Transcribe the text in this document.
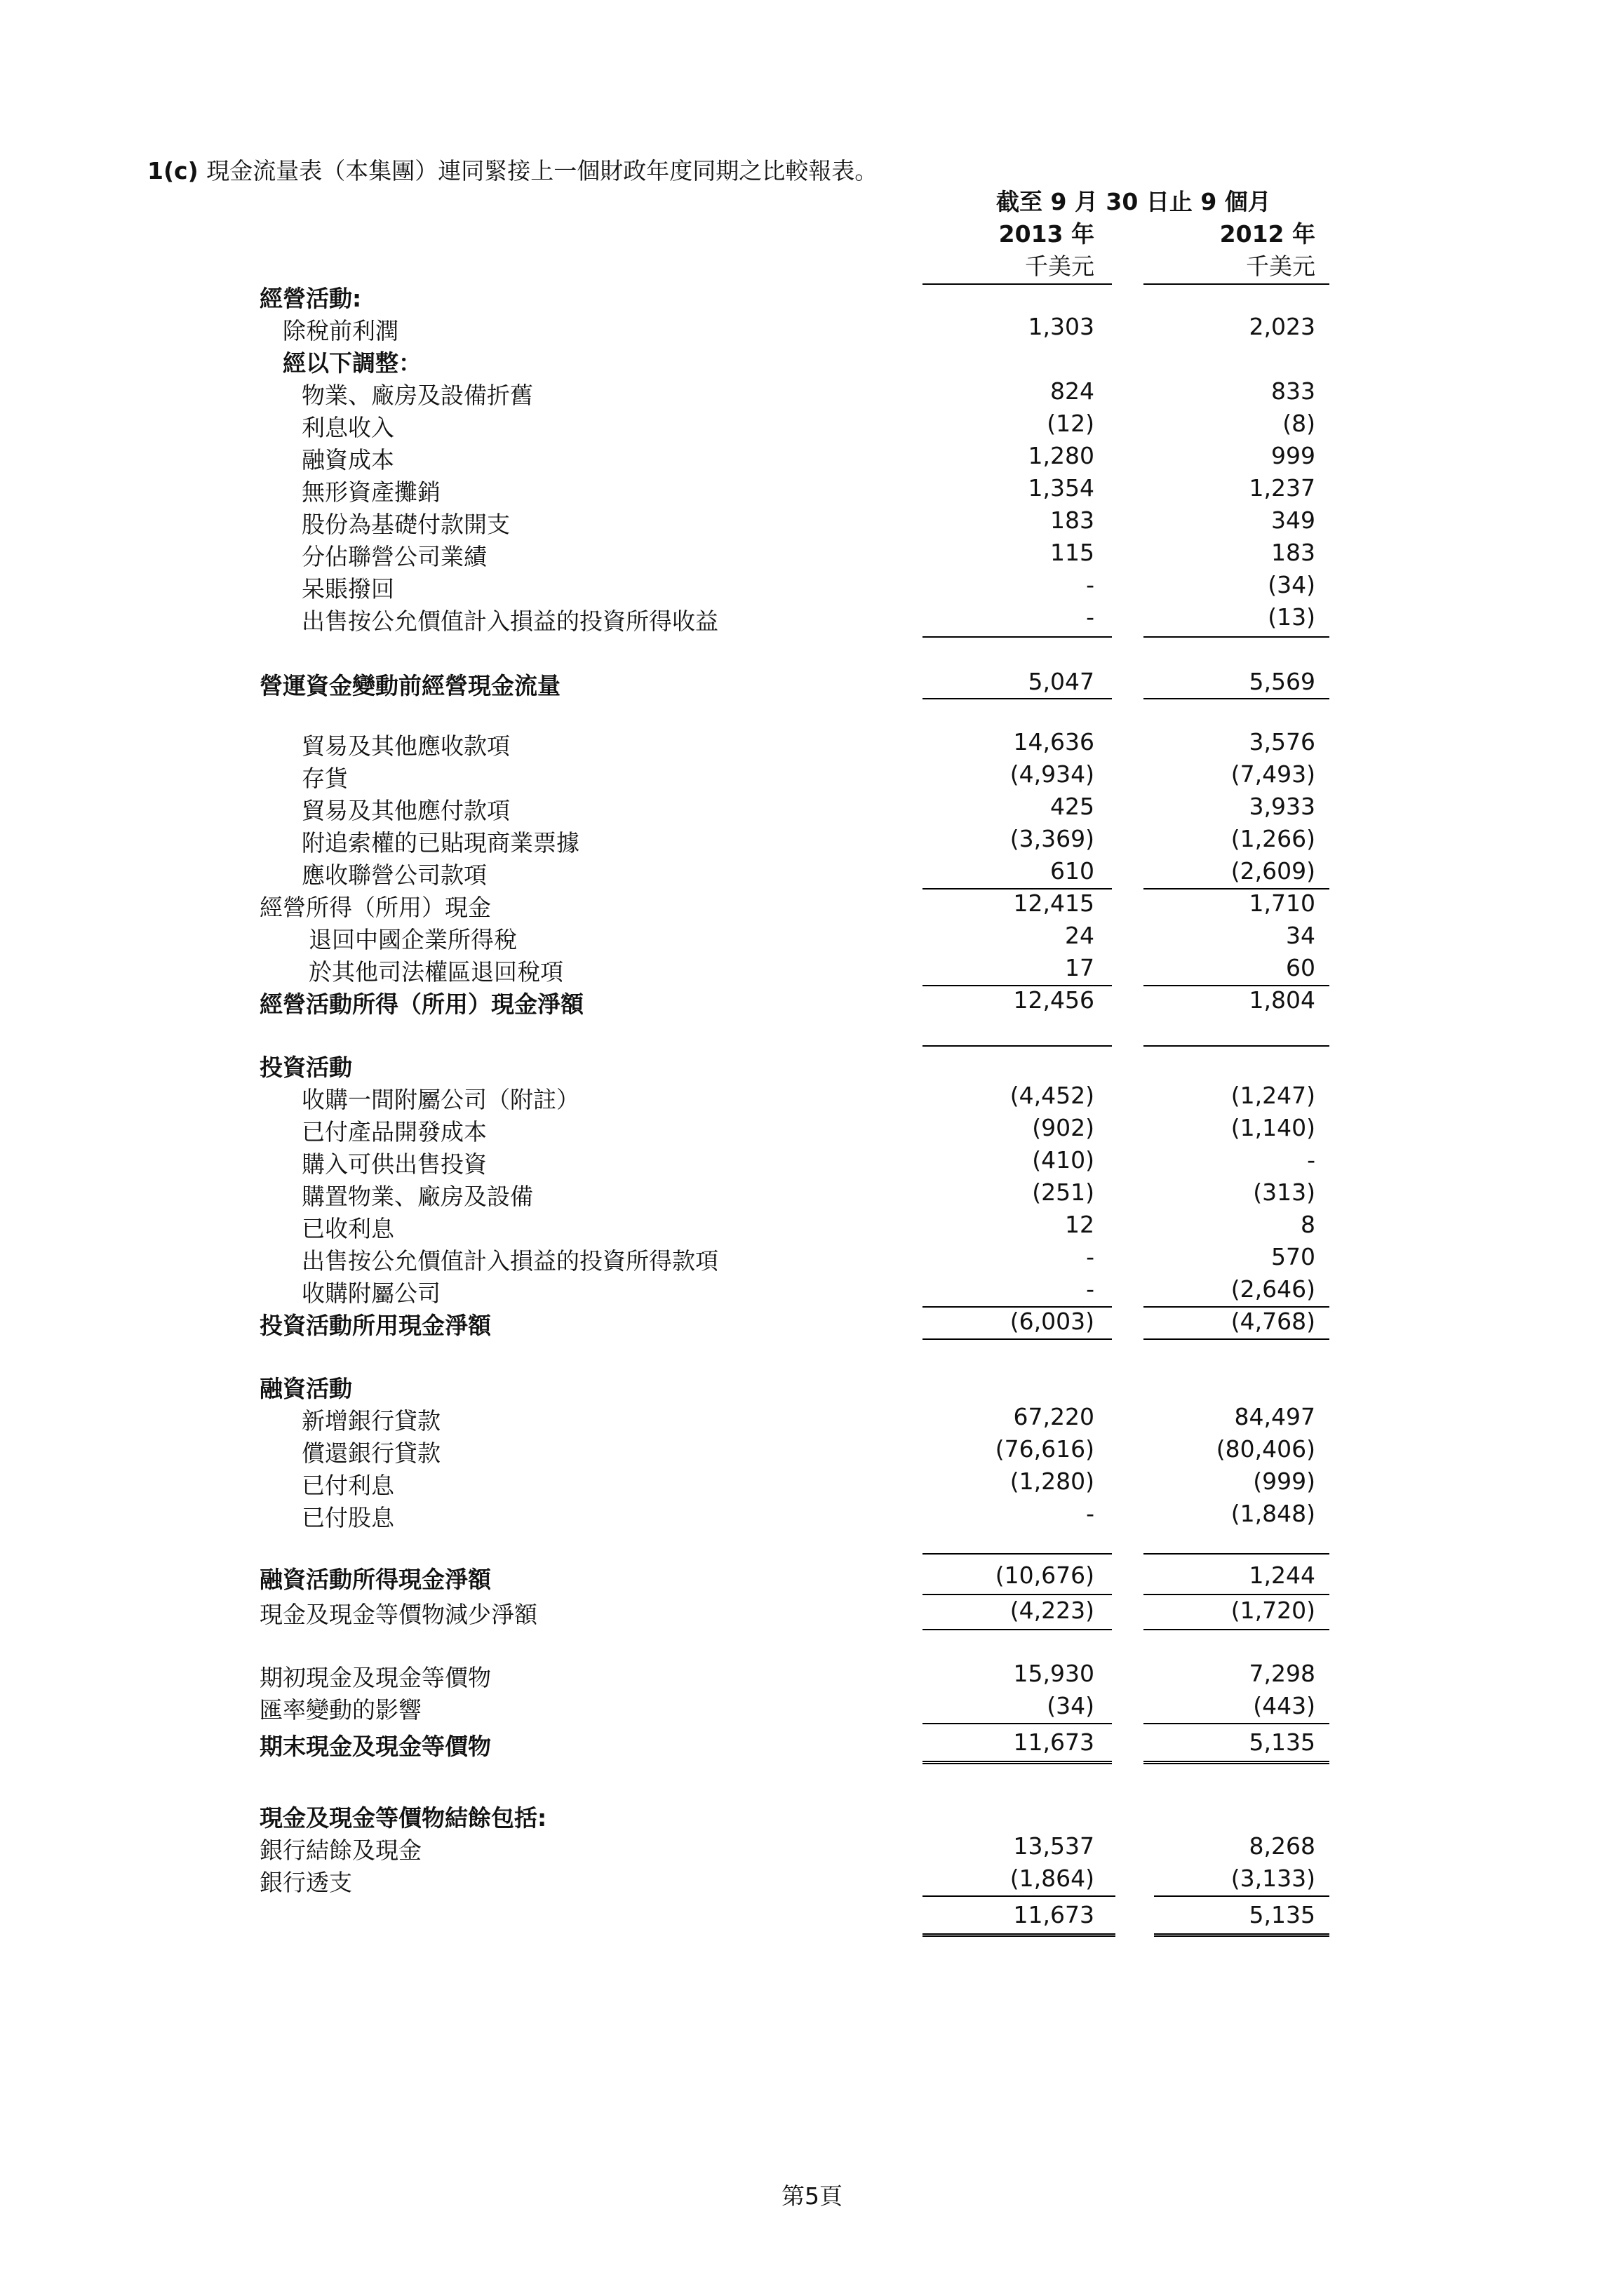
1(c) 現金流量表（本集團）連同緊接上一個財政年度同期之比較報表。
截至 9 月 30 日止 9 個月
2013 年	2012 年
千美元	千美元
經營活動:
除稅前利潤	1,303	2,023
經以下調整：
物業、廠房及設備折舊	824	833
利息收入	(12)	(8)
融資成本	1,280	999
無形資產攤銷	1,354	1,237
股份為基礎付款開支	183	349
分佔聯營公司業績	115	183
呆賬撥回	-	(34)
出售按公允價值計入損益的投資所得收益	-	(13)
營運資金變動前經營現金流量	5,047	5,569
貿易及其他應收款項	14,636	3,576
存貨	(4,934)	(7,493)
貿易及其他應付款項	425	3,933
附追索權的已貼現商業票據	(3,369)	(1,266)
應收聯營公司款項	610	(2,609)
經營所得（所用）現金	12,415	1,710
退回中國企業所得稅	24	34
於其他司法權區退回稅項	17	60
經營活動所得（所用）現金淨額	12,456	1,804
投資活動
收購一間附屬公司（附註）	(4,452)	(1,247)
已付產品開發成本	(902)	(1,140)
購入可供出售投資	(410)	-
購置物業、廠房及設備	(251)	(313)
已收利息	12	8
出售按公允價值計入損益的投資所得款項	-	570
收購附屬公司	-	(2,646)
投資活動所用現金淨額	(6,003)	(4,768)
融資活動
新增銀行貸款	67,220	84,497
償還銀行貸款	(76,616)	(80,406)
已付利息	(1,280)	(999)
已付股息	-	(1,848)
融資活動所得現金淨額	(10,676)	1,244
現金及現金等價物減少淨額	(4,223)	(1,720)
期初現金及現金等價物	15,930	7,298
匯率變動的影響	(34)	(443)
期末現金及現金等價物	11,673	5,135
現金及現金等價物結餘包括:
銀行結餘及現金	13,537	8,268
銀行透支	(1,864)	(3,133)
11,673	5,135
第5頁
